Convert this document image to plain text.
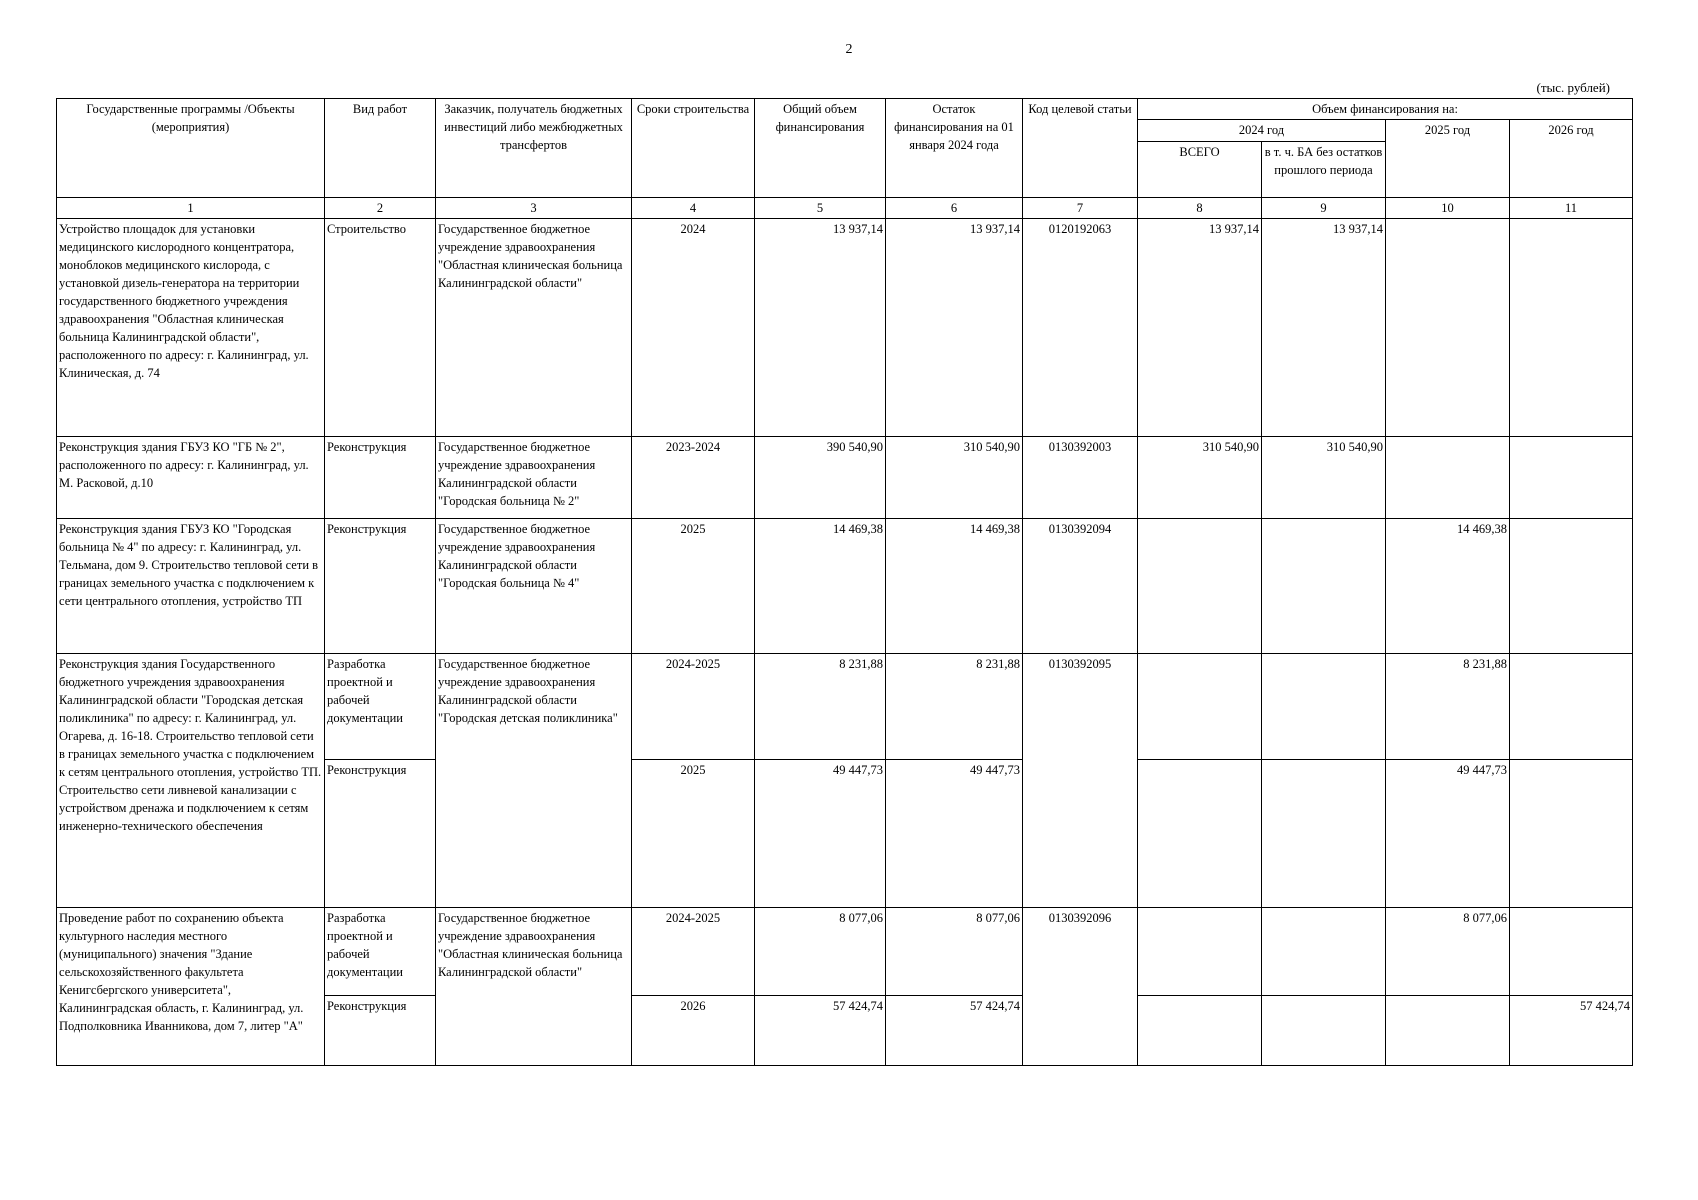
2
(тыс. рублей)
Государственные программы /Объекты (мероприятия)	Вид работ	Заказчик, получатель бюджетных инвестиций либо межбюджетных трансфертов	Сроки строительства	Общий объем финансирования	Остаток финансирования на 01 января 2024 года	Код целевой статьи	Объем финансирования на:			
							2024 год		2025 год	2026 год
							ВСЕГО	в т. ч. БА без остатков прошлого периода		
1	2	3	4	5	6	7	8	9	10	11
Устройство площадок для установки медицинского кислородного концентратора, моноблоков медицинского кислорода, с установкой дизель-генератора на территории государственного бюджетного учреждения здравоохранения "Областная клиническая больница Калининградской области", расположенного по адресу: г. Калининград, ул. Клиническая, д. 74	Строительство	Государственное бюджетное учреждение здравоохранения "Областная клиническая больница Калининградской области"	2024	13 937,14	13 937,14	0120192063	13 937,14	13 937,14		
Реконструкция здания ГБУЗ КО "ГБ № 2", расположенного по адресу: г. Калининград, ул. М. Расковой, д.10	Реконструкция	Государственное бюджетное учреждение здравоохранения Калининградской области "Городская больница № 2"	2023-2024	390 540,90	310 540,90	0130392003	310 540,90	310 540,90		
Реконструкция здания ГБУЗ КО "Городская больница № 4" по адресу: г. Калининград, ул. Тельмана, дом 9. Строительство тепловой сети в границах земельного участка с подключением к сети центрального отопления, устройство ТП	Реконструкция	Государственное бюджетное учреждение здравоохранения Калининградской области "Городская больница № 4"	2025	14 469,38	14 469,38	0130392094			14 469,38	
Реконструкция здания Государственного бюджетного учреждения здравоохранения Калининградской области "Городская детская поликлиника" по адресу: г. Калининград, ул. Огарева, д. 16-18. Строительство тепловой сети в границах земельного участка с подключением к сетям центрального отопления, устройство ТП. Строительство сети ливневой канализации с устройством дренажа и подключением к сетям инженерно-технического обеспечения	Разработка проектной и рабочей документации	Государственное бюджетное учреждение здравоохранения Калининградской области "Городская детская поликлиника"	2024-2025	8 231,88	8 231,88	0130392095			8 231,88	
	Реконструкция		2025	49 447,73	49 447,73				49 447,73	
Проведение работ по сохранению объекта культурного наследия местного (муниципального) значения "Здание сельскохозяйственного факультета Кенигсбергского университета", Калининградская область, г. Калининград, ул. Подполковника Иванникова, дом 7, литер "А"	Разработка проектной и рабочей документации	Государственное бюджетное учреждение здравоохранения "Областная клиническая больница Калининградской области"	2024-2025	8 077,06	8 077,06	0130392096			8 077,06	
	Реконструкция		2026	57 424,74	57 424,74					57 424,74
